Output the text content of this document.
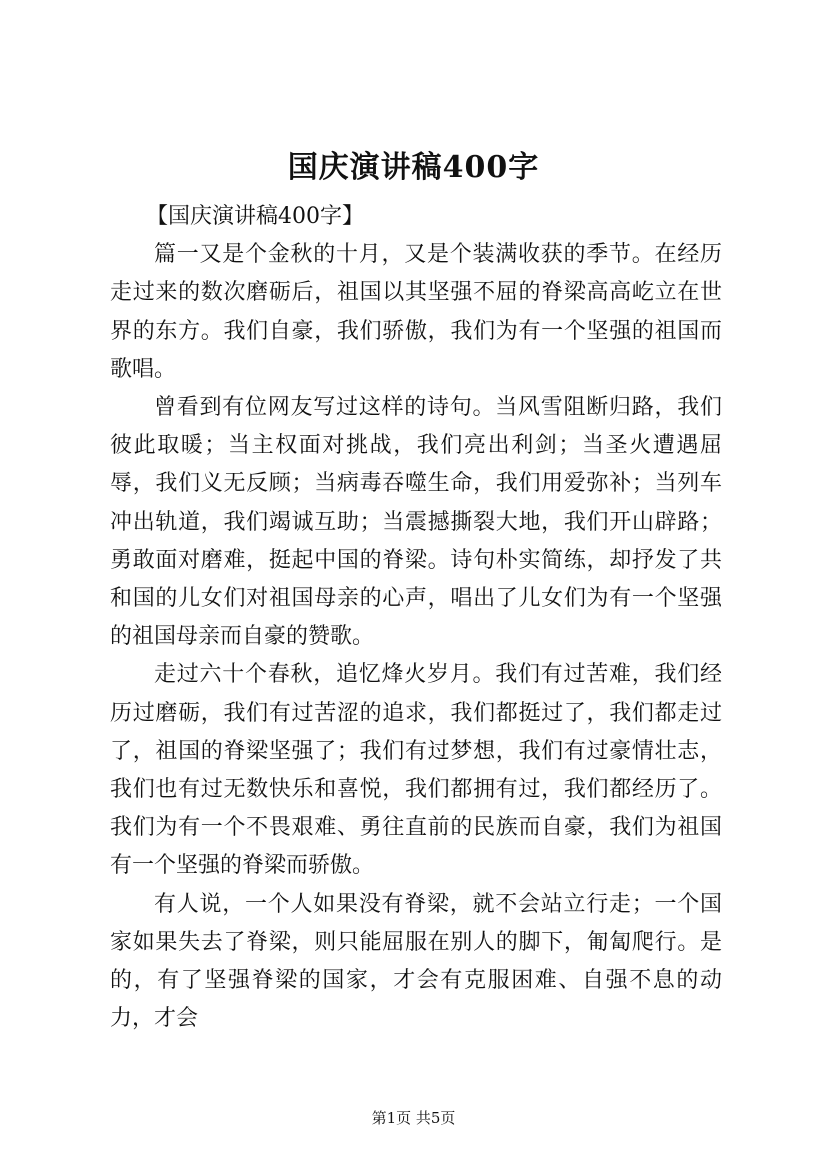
国庆演讲稿400字

【国庆演讲稿400字】

篇一又是个金秋的十月，又是个装满收获的季节。在经历走过来的数次磨砺后，祖国以其坚强不屈的脊梁高高屹立在世界的东方。我们自豪，我们骄傲，我们为有一个坚强的祖国而歌唱。

曾看到有位网友写过这样的诗句。当风雪阻断归路，我们彼此取暖；当主权面对挑战，我们亮出利剑；当圣火遭遇屈辱，我们义无反顾；当病毒吞噬生命，我们用爱弥补；当列车冲出轨道，我们竭诚互助；当震撼撕裂大地，我们开山辟路；勇敢面对磨难，挺起中国的脊梁。诗句朴实简练，却抒发了共和国的儿女们对祖国母亲的心声，唱出了儿女们为有一个坚强的祖国母亲而自豪的赞歌。

走过六十个春秋，追忆烽火岁月。我们有过苦难，我们经历过磨砺，我们有过苦涩的追求，我们都挺过了，我们都走过了，祖国的脊梁坚强了；我们有过梦想，我们有过豪情壮志，我们也有过无数快乐和喜悦，我们都拥有过，我们都经历了。我们为有一个不畏艰难、勇往直前的民族而自豪，我们为祖国有一个坚强的脊梁而骄傲。

有人说，一个人如果没有脊梁，就不会站立行走；一个国家如果失去了脊梁，则只能屈服在别人的脚下，匍匐爬行。是的，有了坚强脊梁的国家，才会有克服困难、自强不息的动力，才会

第1页 共5页
